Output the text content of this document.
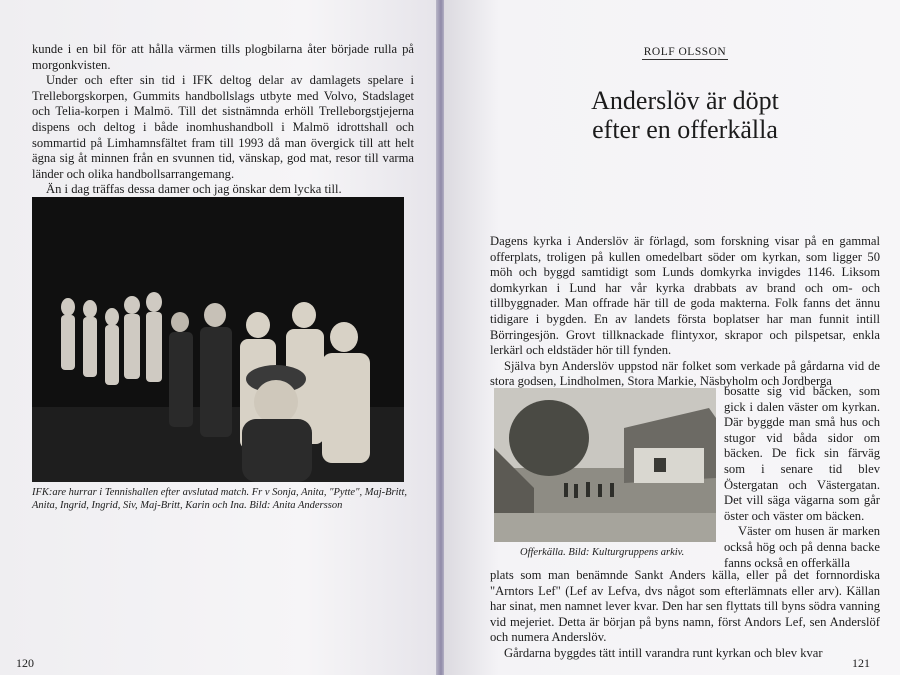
kunde i en bil för att hålla värmen tills plogbilarna åter började rulla på morgonkvisten.

Under och efter sin tid i IFK deltog delar av damlagets spelare i Trelleborgskorpen, Gummits handbollslags utbyte med Volvo, Stadslaget och Telia-korpen i Malmö. Till det sistnämnda erhöll Trelleborgstjejerna dispens och deltog i både inomhushandboll i Malmö idrottshall och sommartid på Limhamnsfältet fram till 1993 då man övergick till att helt ägna sig åt minnen från en svunnen tid, vänskap, god mat, resor till varma länder och olika handbollsarrangemang.

Än i dag träffas dessa damer och jag önskar dem lycka till.

IFK:are hurrar i Tennishallen efter avslutad match. Fr v Sonja, Anita, "Pytte", Maj-Britt, Anita, Ingrid, Ingrid, Siv, Maj-Britt, Karin och Ina. Bild: Anita Andersson
120
ROLF OLSSON
Anderslöv är döpt
efter en offerkälla

Dagens kyrka i Anderslöv är förlagd, som forskning visar på en gammal offerplats, troligen på kullen omedelbart söder om kyrkan, som ligger 50 möh och byggd samtidigt som Lunds domkyrka invigdes 1146. Liksom domkyrkan i Lund har vår kyrka drabbats av brand och om- och tillbyggnader. Man offrade här till de goda makterna. Folk fanns det ännu tidigare i bygden. En av landets första boplatser har man funnit intill Börringesjön. Grovt tillknackade flintyxor, skrapor och pilspetsar, enkla lerkärl och eldstäder hör till fynden.

Själva byn Anderslöv uppstod när folket som verkade på gårdarna vid de stora godsen, Lindholmen, Stora Markie, Näsbyholm och Jordberga

bosatte sig vid bäcken, som gick i dalen väster om kyrkan. Där byggde man små hus och stugor vid båda sidor om bäcken. De fick sin färväg som i senare tid blev Östergatan och Västergatan. Det vill säga vägarna som går öster och väster om bäcken.

Väster om husen är marken också hög och på denna backe fanns också en offerkälla

Offerkälla. Bild: Kulturgruppens arkiv.

plats som man benämnde Sankt Anders källa, eller på det fornnordiska "Arntors Lef" (Lef av Lefva, dvs något som efterlämnats eller arv). Källan har sinat, men namnet lever kvar. Den har sen flyttats till byns södra vanning vid mejeriet. Detta är början på byns namn, först Andors Lef, sen Anderslöf och numera Anderslöv.

Gårdarna byggdes tätt intill varandra runt kyrkan och blev kvar

121
